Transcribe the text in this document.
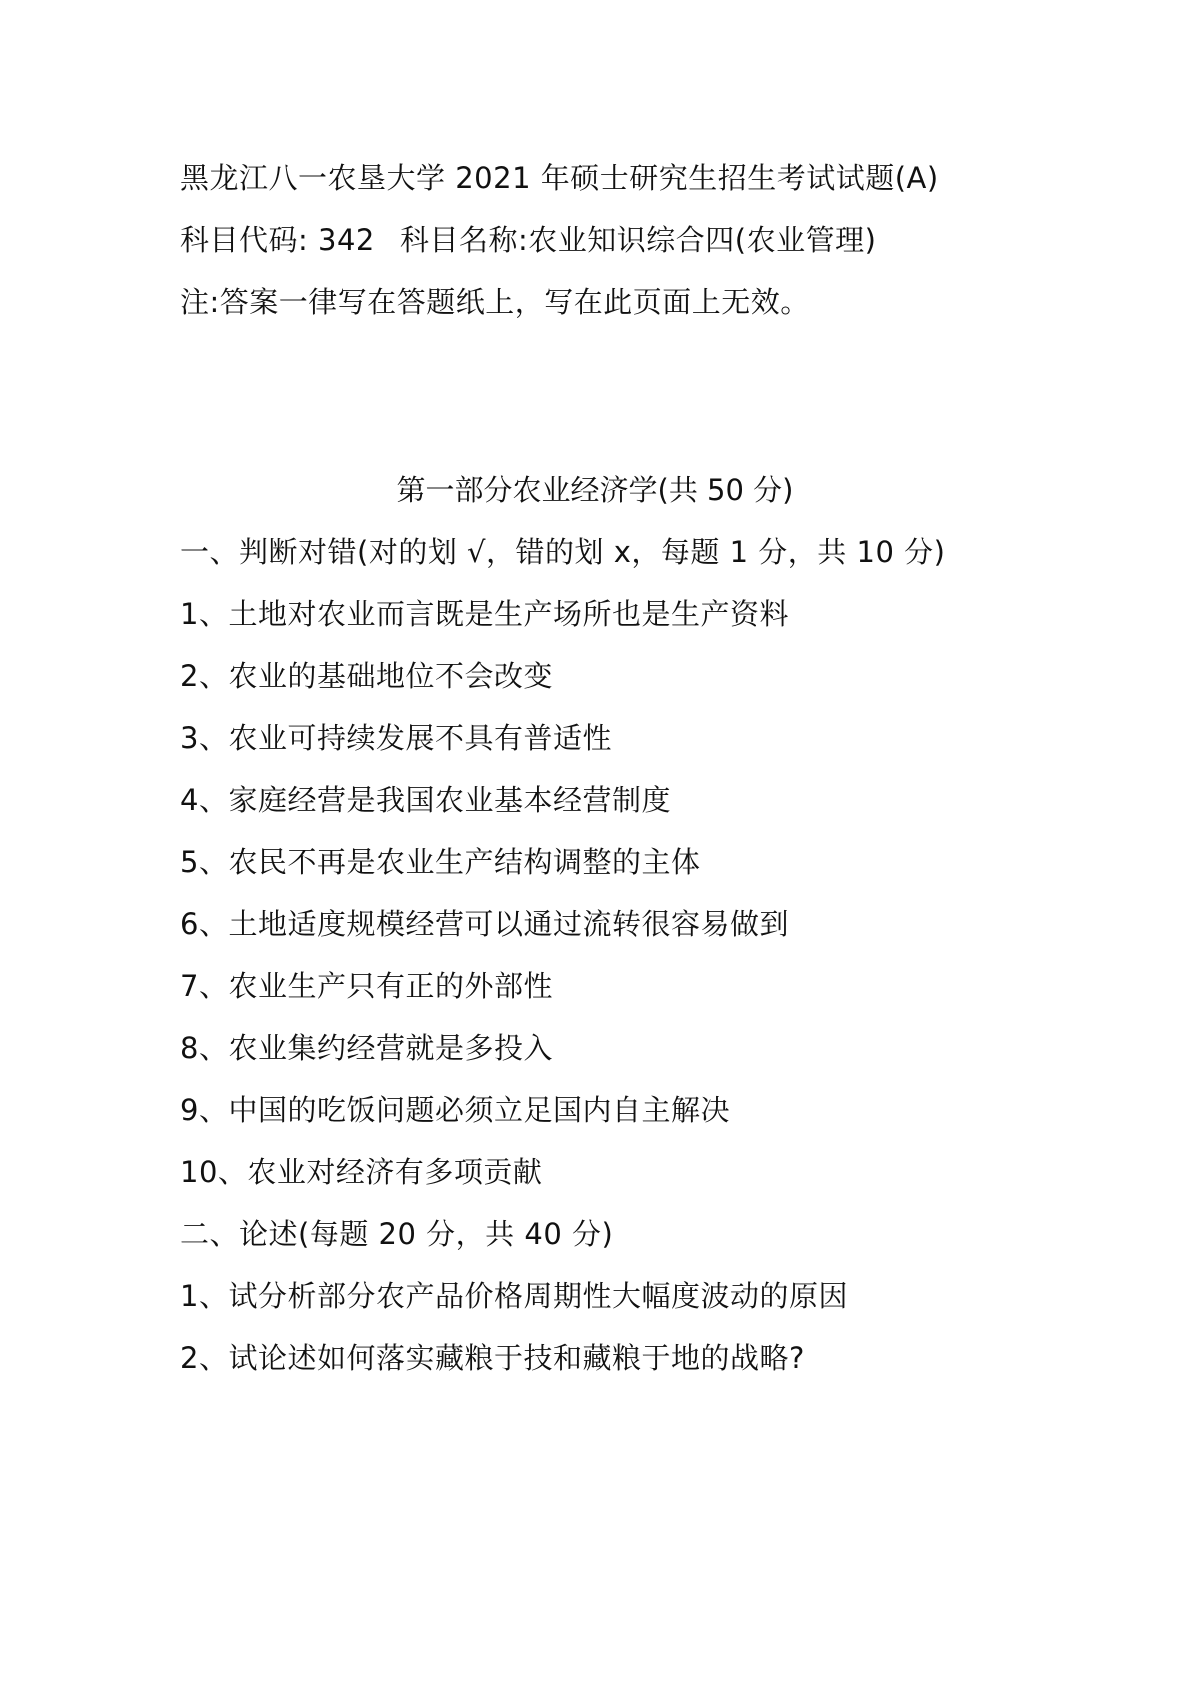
黑龙江八一农垦大学 2021 年硕士研究生招生考试试题(A)
科目代码: 342 科目名称:农业知识综合四(农业管理)
注:答案一律写在答题纸上，写在此页面上无效。
第一部分农业经济学(共 50 分)
一、判断对错(对的划 √，错的划 x，每题 1 分，共 10 分)
1、土地对农业而言既是生产场所也是生产资料
2、农业的基础地位不会改变
3、农业可持续发展不具有普适性
4、家庭经营是我国农业基本经营制度
5、农民不再是农业生产结构调整的主体
6、土地适度规模经营可以通过流转很容易做到
7、农业生产只有正的外部性
8、农业集约经营就是多投入
9、中国的吃饭问题必须立足国内自主解决
10、农业对经济有多项贡献
二、论述(每题 20 分，共 40 分)
1、试分析部分农产品价格周期性大幅度波动的原因
2、试论述如何落实藏粮于技和藏粮于地的战略?
